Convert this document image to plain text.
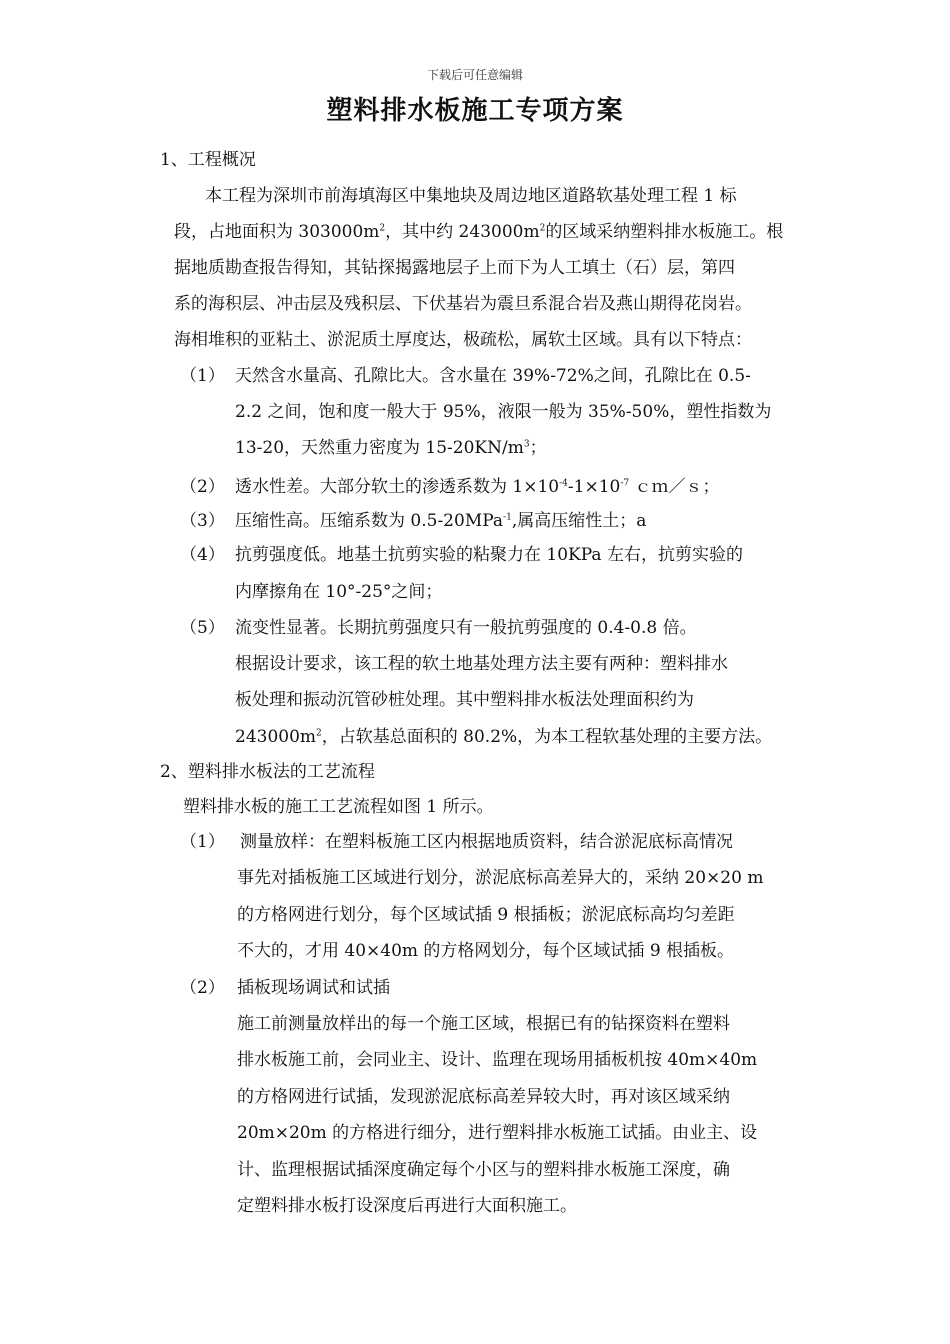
下载后可任意编辑
塑料排水板施工专项方案
1、工程概况
本工程为深圳市前海填海区中集地块及周边地区道路软基处理工程 1 标
段，占地面积为 $303000m^2$，其中约 $243000m^2$的区域采纳塑料排水板施工。根
据地质勘查报告得知，其钻探揭露地层子上而下为人工填土（石）层，第四
系的海积层、冲击层及残积层、下伏基岩为震旦系混合岩及燕山期得花岗岩。
海相堆积的亚粘土、淤泥质土厚度达，极疏松，属软土区域。具有以下特点：
（1） 天然含水量高、孔隙比大。含水量在 39%-72%之间，孔隙比在 0.5-
2.2 之间，饱和度一般大于 95%，液限一般为 35%-50%，塑性指数为
13-20，天然重力密度为 $15-20KN/m^3$；
（2） 透水性差。大部分软土的渗透系数为 $1\times 10^{-4}-1\times 10^{-7}$ ｃｍ／ｓ；
（3） 压缩性高。压缩系数为 0.5-20MPa$^{-1}$,属高压缩性土；a
（4） 抗剪强度低。地基土抗剪实验的粘聚力在 10KPa 左右，抗剪实验的
内摩擦角在 10°-25°之间；
（5） 流变性显著。长期抗剪强度只有一般抗剪强度的 0.4-0.8 倍。
根据设计要求，该工程的软土地基处理方法主要有两种：塑料排水
板处理和振动沉管砂桩处理。其中塑料排水板法处理面积约为
$243000m^2$，占软基总面积的 80.2%，为本工程软基处理的主要方法。
2、塑料排水板法的工艺流程
塑料排水板的施工工艺流程如图 1 所示。
（1） 测量放样：在塑料板施工区内根据地质资料，结合淤泥底标高情况
事先对插板施工区域进行划分，淤泥底标高差异大的，采纳 20×20 m
的方格网进行划分，每个区域试插 9 根插板；淤泥底标高均匀差距
不大的，才用 40×40m 的方格网划分，每个区域试插 9 根插板。
（2） 插板现场调试和试插
施工前测量放样出的每一个施工区域，根据已有的钻探资料在塑料
排水板施工前，会同业主、设计、监理在现场用插板机按 40m×40m
的方格网进行试插，发现淤泥底标高差异较大时，再对该区域采纳
20m×20m 的方格进行细分，进行塑料排水板施工试插。由业主、设
计、监理根据试插深度确定每个小区与的塑料排水板施工深度，确
定塑料排水板打设深度后再进行大面积施工。
